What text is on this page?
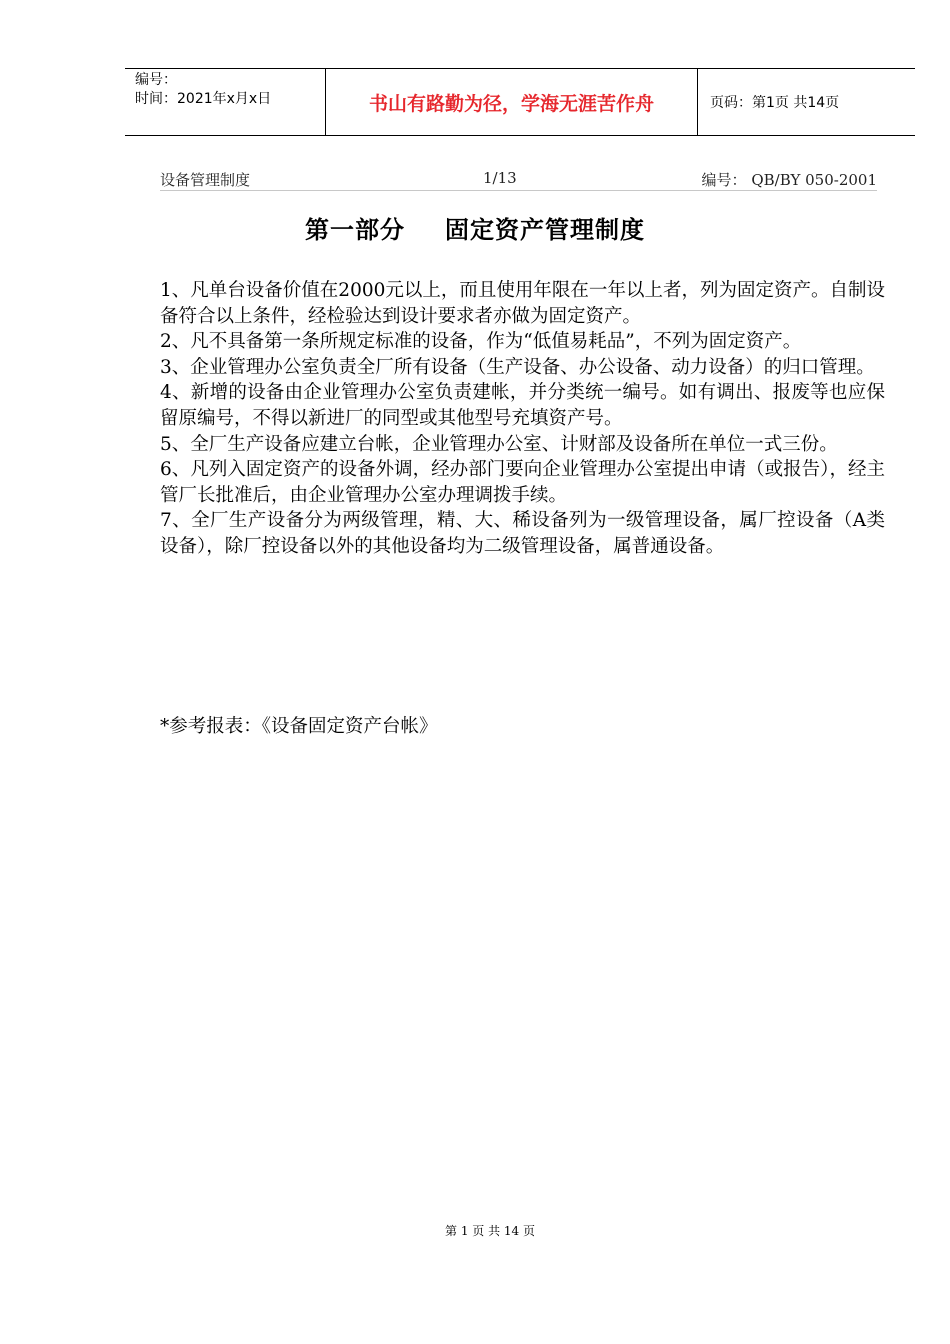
编号：
时间：2021年x月x日	书山有路勤为径，学海无涯苦作舟	页码：第1页 共14页
设备管理制度	1/13	编号： QB/BY 050-2001
第一部分 固定资产管理制度

1、凡单台设备价值在2000元以上，而且使用年限在一年以上者，列为固定资产。自制设备符合以上条件，经检验达到设计要求者亦做为固定资产。

2、凡不具备第一条所规定标准的设备，作为“低值易耗品”，不列为固定资产。

3、企业管理办公室负责全厂所有设备（生产设备、办公设备、动力设备）的归口管理。

4、新增的设备由企业管理办公室负责建帐，并分类统一编号。如有调出、报废等也应保留原编号，不得以新进厂的同型或其他型号充填资产号。

5、全厂生产设备应建立台帐，企业管理办公室、计财部及设备所在单位一式三份。

6、凡列入固定资产的设备外调，经办部门要向企业管理办公室提出申请（或报告），经主管厂长批准后，由企业管理办公室办理调拨手续。

7、全厂生产设备分为两级管理，精、大、稀设备列为一级管理设备，属厂控设备（A类设备），除厂控设备以外的其他设备均为二级管理设备，属普通设备。

*参考报表：《设备固定资产台帐》
第 1 页 共 14 页
